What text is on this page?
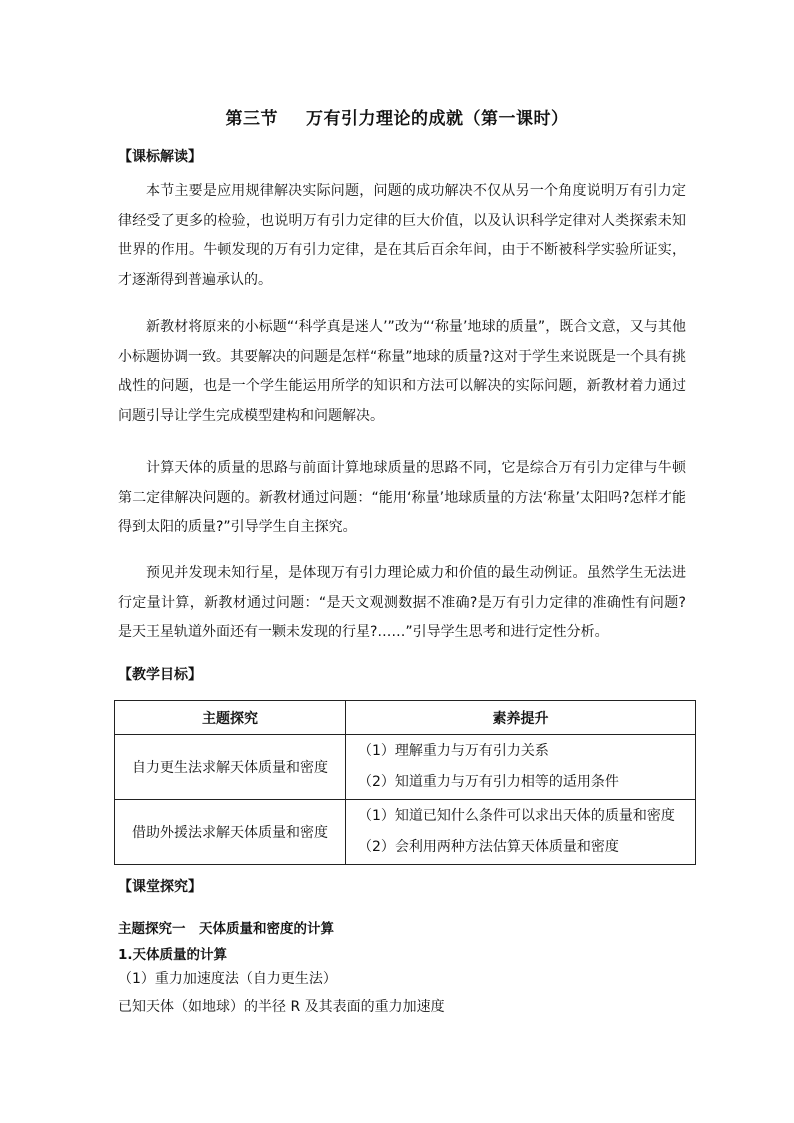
第三节 万有引力理论的成就（第一课时）
【课标解读】
本节主要是应用规律解决实际问题，问题的成功解决不仅从另一个角度说明万有引力定律经受了更多的检验，也说明万有引力定律的巨大价值，以及认识科学定律对人类探索未知世界的作用。牛顿发现的万有引力定律，是在其后百余年间，由于不断被科学实验所证实，才逐渐得到普遍承认的。
新教材将原来的小标题“‘科学真是迷人’”改为“‘称量’地球的质量”，既合文意，又与其他小标题协调一致。其要解决的问题是怎样“称量”地球的质量?这对于学生来说既是一个具有挑战性的问题，也是一个学生能运用所学的知识和方法可以解决的实际问题，新教材着力通过问题引导让学生完成模型建构和问题解决。
计算天体的质量的思路与前面计算地球质量的思路不同，它是综合万有引力定律与牛顿第二定律解决问题的。新教材通过问题：“能用‘称量’地球质量的方法‘称量’太阳吗?怎样才能得到太阳的质量?”引导学生自主探究。
预见并发现未知行星，是体现万有引力理论威力和价值的最生动例证。虽然学生无法进行定量计算，新教材通过问题：“是天文观测数据不准确?是万有引力定律的准确性有问题?是天王星轨道外面还有一颗未发现的行星?……”引导学生思考和进行定性分析。
【教学目标】
主题探究	素养提升
自力更生法求解天体质量和密度	（1）理解重力与万有引力关系
（2）知道重力与万有引力相等的适用条件

借助外援法求解天体质量和密度	（1）知道已知什么条件可以求出天体的质量和密度
（2）会利用两种方法估算天体质量和密度
【课堂探究】
主题探究一　天体质量和密度的计算
1.天体质量的计算
（1）重力加速度法（自力更生法）
已知天体（如地球）的半径 R 及其表面的重力加速度
